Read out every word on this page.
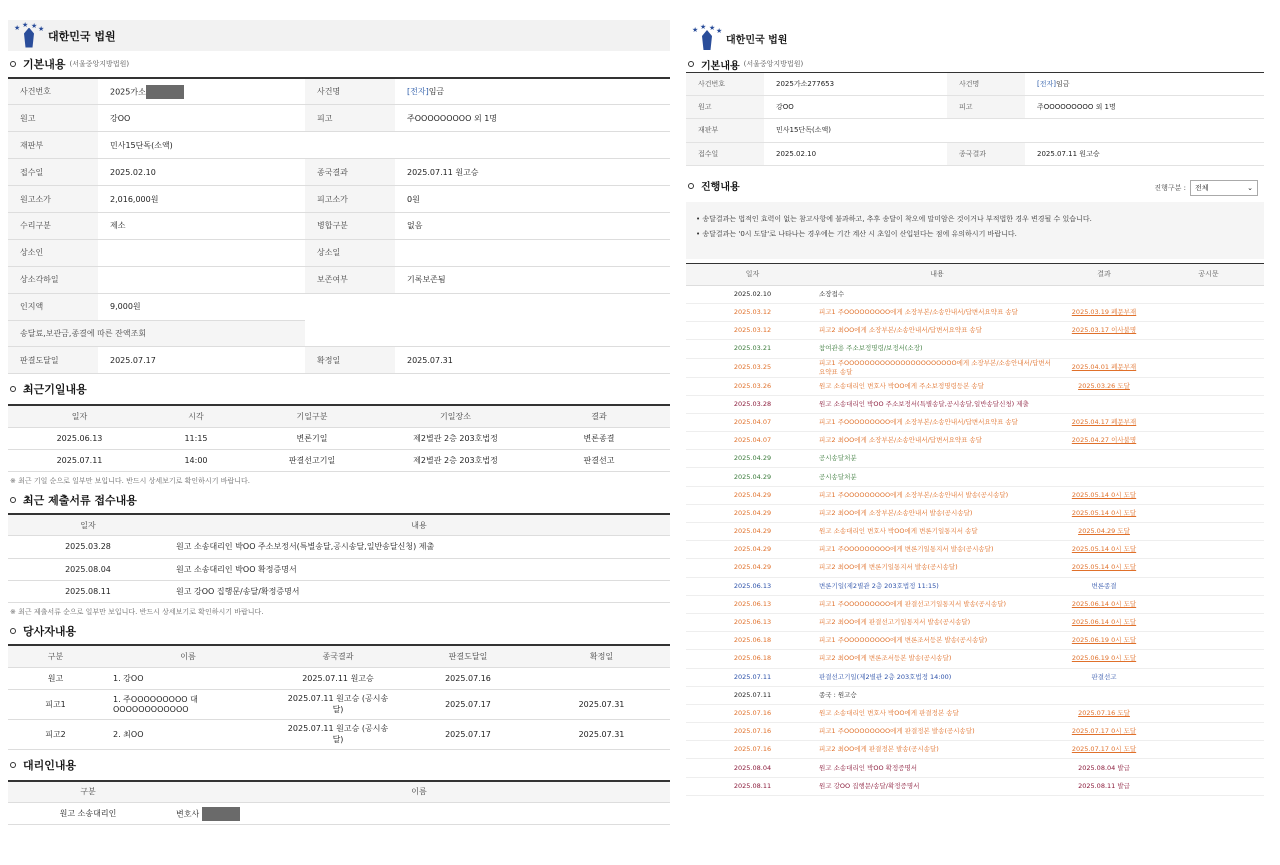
★ ★ ★ ★
대한민국 법원
기본내용 (서울중앙지방법원)
사건번호	2025가소	사건명	[전자]임금
원고	강OO	피고	주OOOOOOOOO 외 1명
재판부	민사15단독(소액)		
접수일	2025.02.10	종국결과	2025.07.11 원고승
원고소가	2,016,000원	피고소가	0원
수리구분	제소	병합구분	없음
상소인		상소일	
상소각하일		보존여부	기록보존됨
인지액	9,000원		
송달료,보관금,종결에 따른 잔액조회			
판결도달일	2025.07.17	확정일	2025.07.31
최근기일내용
일자	시각	기일구분	기일장소	결과
2025.06.13	11:15	변론기일	제2별관 2층 203호법정	변론종결
2025.07.11	14:00	판결선고기일	제2별관 2층 203호법정	판결선고
※ 최근 기일 순으로 일부만 보입니다. 반드시 상세보기로 확인하시기 바랍니다.
최근 제출서류 접수내용
일자	내용
2025.03.28	원고 소송대리인 박OO 주소보정서(특별송달,공시송달,일반송달신청) 제출
2025.08.04	원고 소송대리인 박OO 확정증명서
2025.08.11	원고 강OO 집행문/송달/확정증명서
※ 최근 제출서류 순으로 일부만 보입니다. 반드시 상세보기로 확인하시기 바랍니다.
당사자내용
구분	이름	종국결과	판결도달일	확정일
원고	1. 강OO	2025.07.11 원고승	2025.07.16	
피고1	1. 주OOOOOOOOO 대OOOOOOOOOOOO	2025.07.11 원고승 (공시송달)	2025.07.17	2025.07.31
피고2	2. 최OO	2025.07.11 원고승 (공시송달)	2025.07.17	2025.07.31
대리인내용
구분	이름
원고 소송대리인	변호사
★ ★ ★ ★
대한민국 법원
기본내용 (서울중앙지방법원)
사건번호	2025가소277653	사건명	[전자]임금
원고	강OO	피고	주OOOOOOOOO 외 1명
재판부	민사15단독(소액)		
접수일	2025.02.10	종국결과	2025.07.11 원고승
진행내용	진행구분 : 전체	⌄
• 송달결과는 법적인 효력이 없는 참고사항에 불과하고, 추후 송달이 착오에 말미암은 것이거나 부적법한 경우 변경될 수 있습니다.
• 송달결과는 '0시 도달'로 나타나는 경우에는 기간 계산 시 초일이 산입된다는 점에 유의하시기 바랍니다.
일자	내용	결과	공시문
2025.02.10	소장접수		
2025.03.12	피고1 주OOOOOOOOO에게 소장부본/소송안내서/답변서요약표 송달	2025.03.19 폐문부재	
2025.03.12	피고2 최OO에게 소장부본/소송안내서/답변서요약표 송달	2025.03.17 이사불명	
2025.03.21	참여관용 주소보정명령/보정서(소장)		
2025.03.25	피고1 주OOOOOOOOOOOOOOOOOOOOOO에게 소장부본/소송안내서/답변서요약표 송달	2025.04.01 폐문부재	
2025.03.26	원고 소송대리인 변호사 박OO에게 주소보정명령등본 송달	2025.03.26 도달	
2025.03.28	원고 소송대리인 박OO 주소보정서(특별송달,공시송달,일반송달신청) 제출		
2025.04.07	피고1 주OOOOOOOOO에게 소장부본/소송안내서/답변서요약표 송달	2025.04.17 폐문부재	
2025.04.07	피고2 최OO에게 소장부본/소송안내서/답변서요약표 송달	2025.04.27 이사불명	
2025.04.29	공시송달처분		
2025.04.29	공시송달처분		
2025.04.29	피고1 주OOOOOOOOO에게 소장부본/소송안내서 발송(공시송달)	2025.05.14 0시 도달	
2025.04.29	피고2 최OO에게 소장부본/소송안내서 발송(공시송달)	2025.05.14 0시 도달	
2025.04.29	원고 소송대리인 변호사 박OO에게 변론기일통지서 송달	2025.04.29 도달	
2025.04.29	피고1 주OOOOOOOOO에게 변론기일통지서 발송(공시송달)	2025.05.14 0시 도달	
2025.04.29	피고2 최OO에게 변론기일통지서 발송(공시송달)	2025.05.14 0시 도달	
2025.06.13	변론기일(제2별관 2층 203호법정 11:15)	변론종결	
2025.06.13	피고1 주OOOOOOOOO에게 판결선고기일통지서 발송(공시송달)	2025.06.14 0시 도달	
2025.06.13	피고2 최OO에게 판결선고기일통지서 발송(공시송달)	2025.06.14 0시 도달	
2025.06.18	피고1 주OOOOOOOOO에게 변론조서등본 발송(공시송달)	2025.06.19 0시 도달	
2025.06.18	피고2 최OO에게 변론조서등본 발송(공시송달)	2025.06.19 0시 도달	
2025.07.11	판결선고기일(제2별관 2층 203호법정 14:00)	판결선고	
2025.07.11	종국 : 원고승		
2025.07.16	원고 소송대리인 변호사 박OO에게 판결정본 송달	2025.07.16 도달	
2025.07.16	피고1 주OOOOOOOOO에게 판결정본 발송(공시송달)	2025.07.17 0시 도달	
2025.07.16	피고2 최OO에게 판결정본 발송(공시송달)	2025.07.17 0시 도달	
2025.08.04	원고 소송대리인 박OO 확정증명서	2025.08.04 발급	
2025.08.11	원고 강OO 집행문/송달/확정증명서	2025.08.11 발급	
